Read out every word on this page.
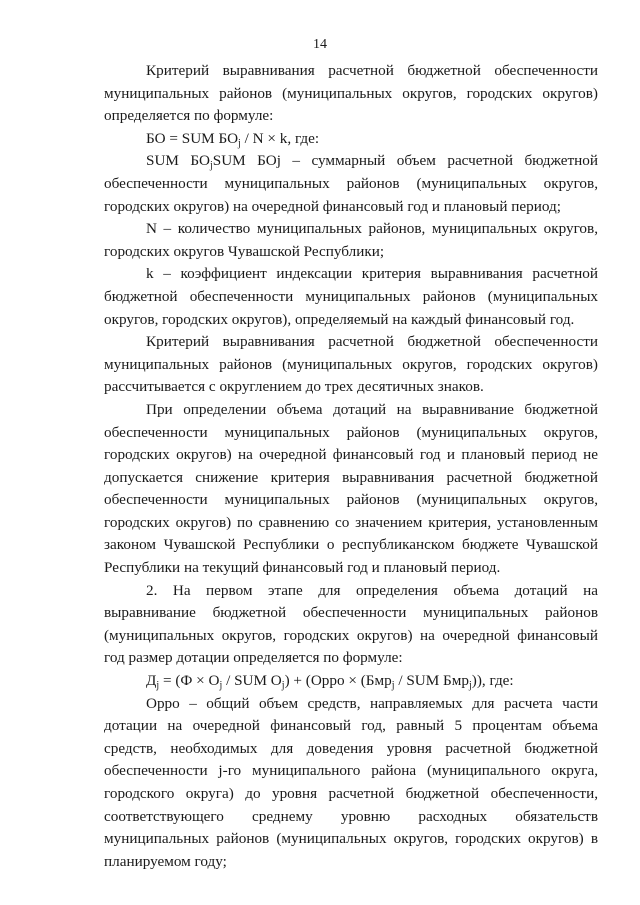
14

Критерий выравнивания расчетной бюджетной обеспеченности муниципальных районов (муниципальных округов, городских округов) определяется по формуле:

БО = SUM $БО_j / N \times k$, где:

SUM $БО_jSUM$ БОj – суммарный объем расчетной бюджетной обеспеченности муниципальных районов (муниципальных округов, городских округов) на очередной финансовый год и плановый период;

N – количество муниципальных районов, муниципальных округов, городских округов Чувашской Республики;

k – коэффициент индексации критерия выравнивания расчетной бюджетной обеспеченности муниципальных районов (муниципальных округов, городских округов), определяемый на каждый финансовый год.

Критерий выравнивания расчетной бюджетной обеспеченности муниципальных районов (муниципальных округов, городских округов) рассчитывается с округлением до трех десятичных знаков.

При определении объема дотаций на выравнивание бюджетной обеспеченности муниципальных районов (муниципальных округов, городских округов) на очередной финансовый год и плановый период не допускается снижение критерия выравнивания расчетной бюджетной обеспеченности муниципальных районов (муниципальных округов, городских округов) по сравнению со значением критерия, установленным законом Чувашской Республики о республиканском бюджете Чувашской Республики на текущий финансовый год и плановый период.

2. На первом этапе для определения объема дотаций на выравнивание бюджетной обеспеченности муниципальных районов (муниципальных округов, городских округов) на очередной финансовый год размер дотации определяется по формуле:

$Д_j = (Ф \times О_j$ / SUM $О_j$) + (Орро × (Бмр$_j$ / SUM Бмр$_j$)), где:

Орро – общий объем средств, направляемых для расчета части дотации на очередной финансовый год, равный 5 процентам объема средств, необходимых для доведения уровня расчетной бюджетной обеспеченности j-го муниципального района (муниципального округа, городского округа) до уровня расчетной бюджетной обеспеченности, соответствующего среднему уровню расходных обязательств муниципальных районов (муниципальных округов, городских округов) в планируемом году;
